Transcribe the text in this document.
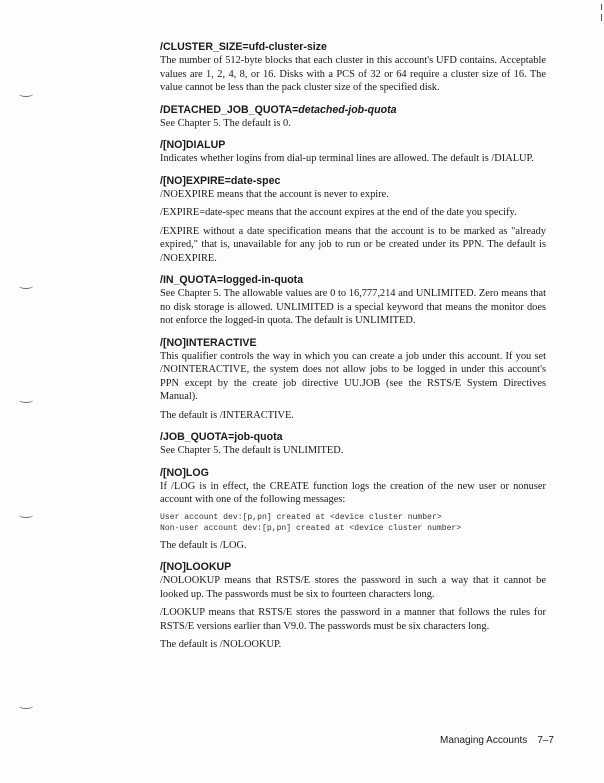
/CLUSTER_SIZE=ufd-cluster-size

The number of 512-byte blocks that each cluster in this account's UFD contains. Acceptable values are 1, 2, 4, 8, or 16. Disks with a PCS of 32 or 64 require a cluster size of 16. The value cannot be less than the pack cluster size of the specified disk.

/DETACHED_JOB_QUOTA=detached-job-quota

See Chapter 5. The default is 0.

/[NO]DIALUP

Indicates whether logins from dial-up terminal lines are allowed. The default is /DIALUP.

/[NO]EXPIRE=date-spec

/NOEXPIRE means that the account is never to expire.

/EXPIRE=date-spec means that the account expires at the end of the date you specify.

/EXPIRE without a date specification means that the account is to be marked as "already expired," that is, unavailable for any job to run or be created under its PPN. The default is /NOEXPIRE.

/IN_QUOTA=logged-in-quota

See Chapter 5. The allowable values are 0 to 16,777,214 and UNLIMITED. Zero means that no disk storage is allowed. UNLIMITED is a special keyword that means the monitor does not enforce the logged-in quota. The default is UNLIMITED.

/[NO]INTERACTIVE

This qualifier controls the way in which you can create a job under this account. If you set /NOINTERACTIVE, the system does not allow jobs to be logged in under this account's PPN except by the create job directive UU.JOB (see the RSTS/E System Directives Manual).

The default is /INTERACTIVE.

/JOB_QUOTA=job-quota

See Chapter 5. The default is UNLIMITED.

/[NO]LOG

If /LOG is in effect, the CREATE function logs the creation of the new user or nonuser account with one of the following messages:

User account dev:[p,pn] created at <device cluster number>
Non-user account dev:[p,pn] created at <device cluster number>

The default is /LOG.

/[NO]LOOKUP

/NOLOOKUP means that RSTS/E stores the password in such a way that it cannot be looked up. The passwords must be six to fourteen characters long.

/LOOKUP means that RSTS/E stores the password in a manner that follows the rules for RSTS/E versions earlier than V9.0. The passwords must be six characters long.

The default is /NOLOOKUP.

Managing Accounts 7–7
